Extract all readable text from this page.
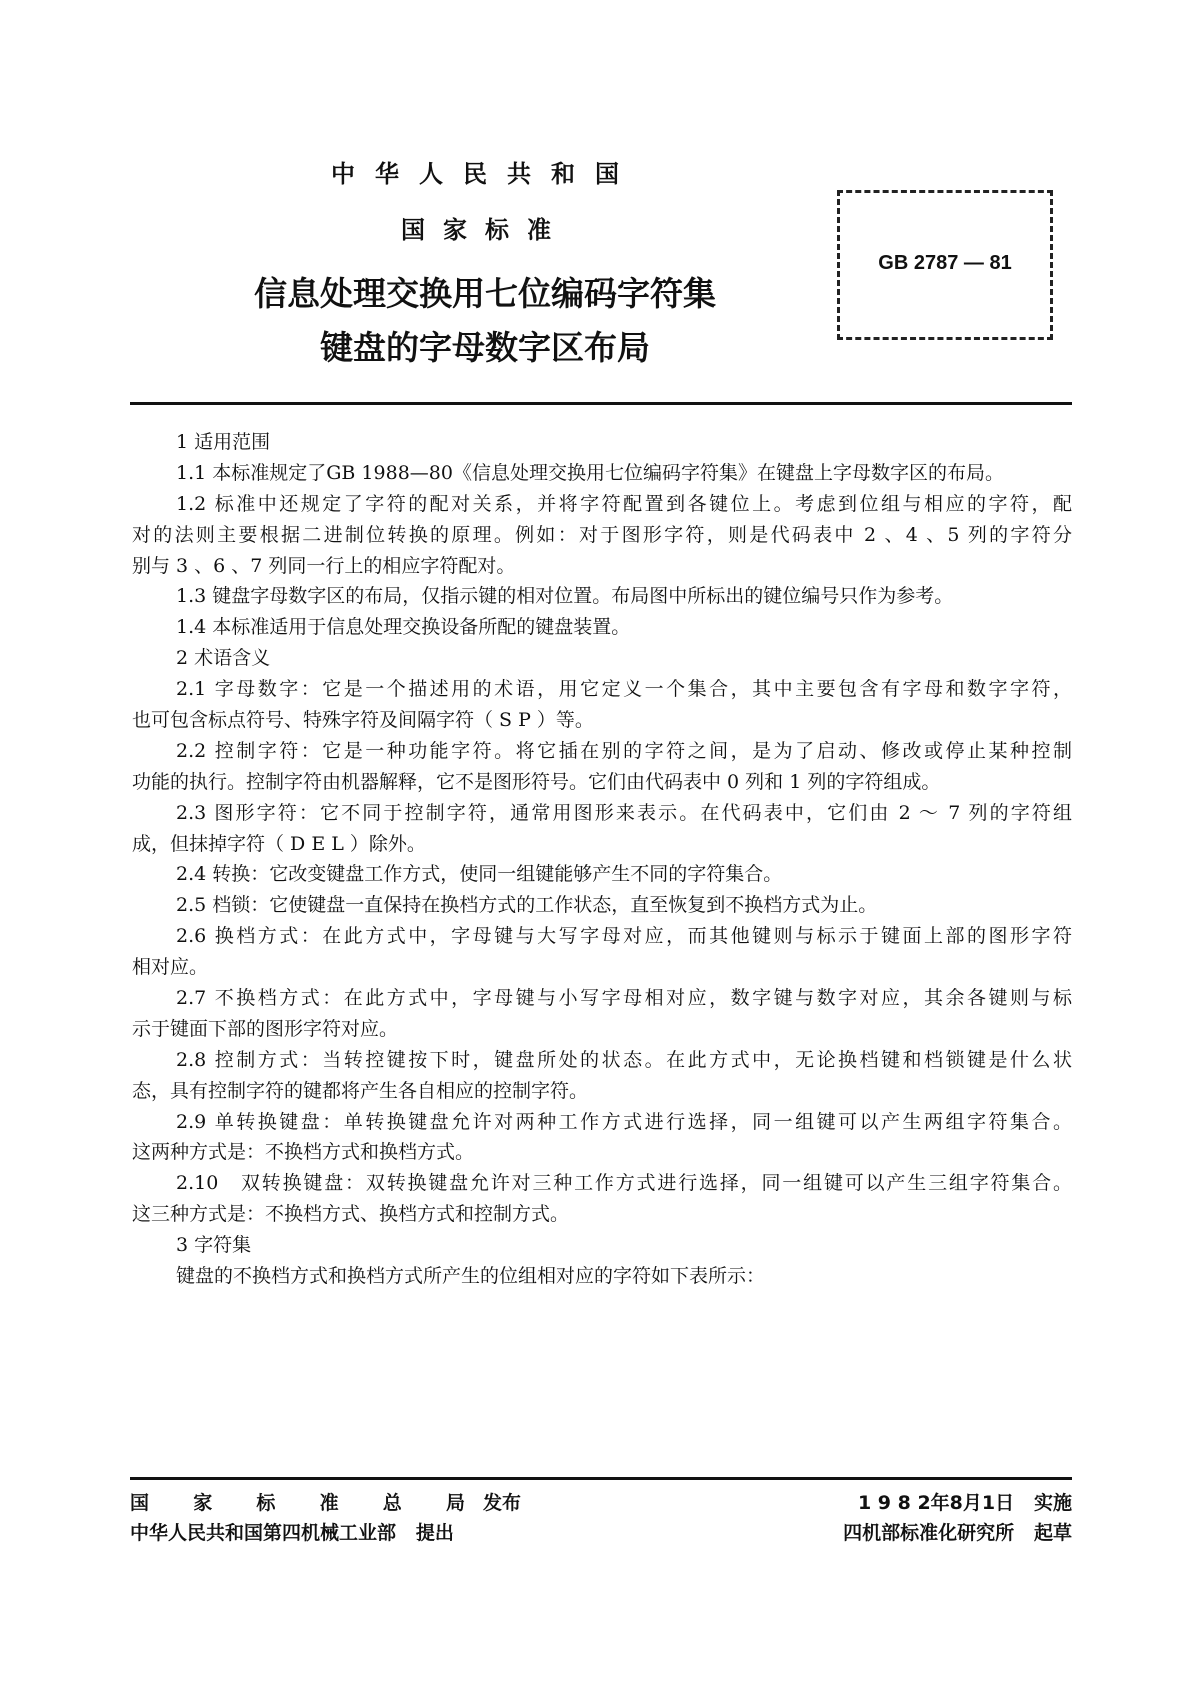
中华人民共和国
国家标准
信息处理交换用七位编码字符集
键盘的字母数字区布局
GB 2787 — 81
1 适用范围
1.1 本标准规定了GB 1988—80《信息处理交换用七位编码字符集》在键盘上字母数字区的布局。
1.2 标准中还规定了字符的配对关系，并将字符配置到各键位上。考虑到位组与相应的字符，配
对的法则主要根据二进制位转换的原理。例如：对于图形字符，则是代码表中 2 、4 、5 列的字符分
别与 3 、6 、7 列同一行上的相应字符配对。
1.3 键盘字母数字区的布局，仅指示键的相对位置。布局图中所标出的键位编号只作为参考。
1.4 本标准适用于信息处理交换设备所配的键盘装置。
2 术语含义
2.1 字母数字：它是一个描述用的术语，用它定义一个集合，其中主要包含有字母和数字字符，
也可包含标点符号、特殊字符及间隔字符（ S P ）等。
2.2 控制字符：它是一种功能字符。将它插在别的字符之间，是为了启动、修改或停止某种控制
功能的执行。控制字符由机器解释，它不是图形符号。它们由代码表中 0 列和 1 列的字符组成。
2.3 图形字符：它不同于控制字符，通常用图形来表示。在代码表中，它们由 2 ～ 7 列的字符组
成，但抹掉字符（ D E L ）除外。
2.4 转换：它改变键盘工作方式，使同一组键能够产生不同的字符集合。
2.5 档锁：它使键盘一直保持在换档方式的工作状态，直至恢复到不换档方式为止。
2.6 换档方式：在此方式中，字母键与大写字母对应，而其他键则与标示于键面上部的图形字符
相对应。
2.7 不换档方式：在此方式中，字母键与小写字母相对应，数字键与数字对应，其余各键则与标
示于键面下部的图形字符对应。
2.8 控制方式：当转控键按下时，键盘所处的状态。在此方式中，无论换档键和档锁键是什么状
态，具有控制字符的键都将产生各自相应的控制字符。
2.9 单转换键盘：单转换键盘允许对两种工作方式进行选择，同一组键可以产生两组字符集合。
这两种方式是：不换档方式和换档方式。
2.10　双转换键盘：双转换键盘允许对三种工作方式进行选择，同一组键可以产生三组字符集合。
这三种方式是：不换档方式、换档方式和控制方式。
3 字符集
键盘的不换档方式和换档方式所产生的位组相对应的字符如下表所示：
国 家 标 准 总 局 发布
中华人民共和国第四机械工业部 提出
1 9 8 2年8月1日 实施
四机部标准化研究所 起草
